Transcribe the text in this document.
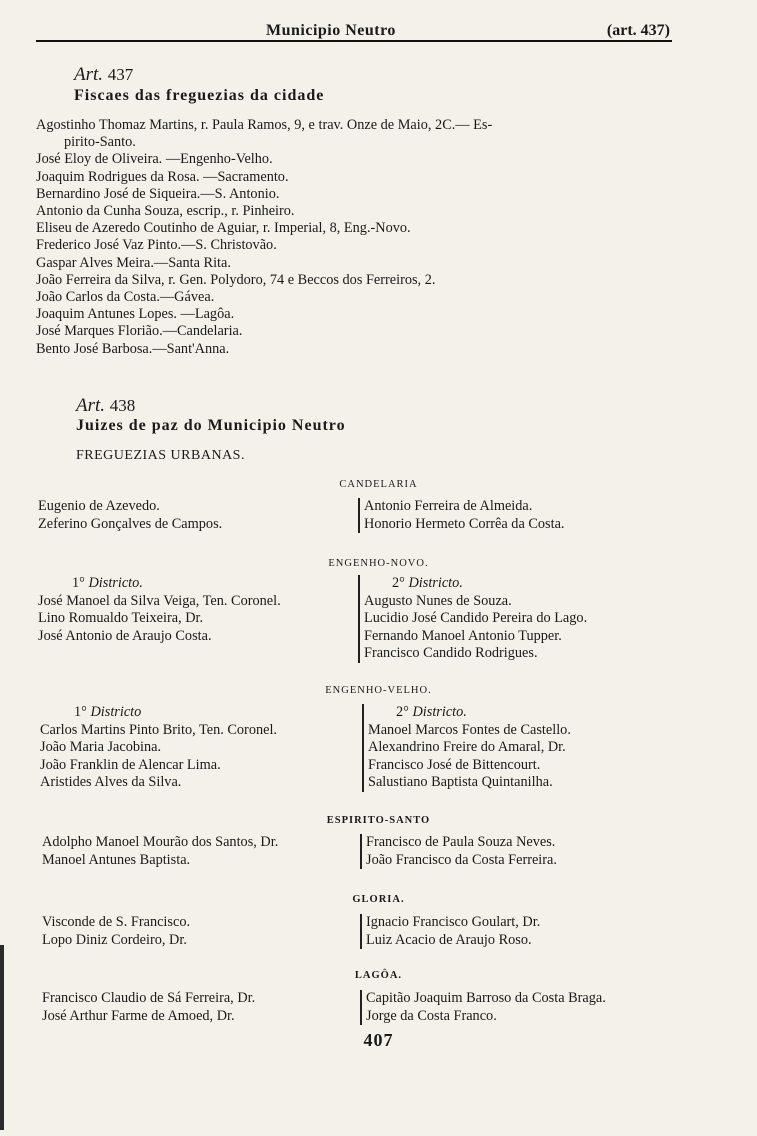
Municipio Neutro	(art. 437)
Art. 437
Fiscaes das freguezias da cidade
Agostinho Thomaz Martins, r. Paula Ramos, 9, e trav. Onze de Maio, 2C.— Es-
pirito-Santo.
José Eloy de Oliveira. —Engenho-Velho.
Joaquim Rodrigues da Rosa. —Sacramento.
Bernardino José de Siqueira.—S. Antonio.
Antonio da Cunha Souza, escrip., r. Pinheiro.
Eliseu de Azeredo Coutinho de Aguiar, r. Imperial, 8, Eng.-Novo.
Frederico José Vaz Pinto.—S. Christovão.
Gaspar Alves Meira.—Santa Rita.
João Ferreira da Silva, r. Gen. Polydoro, 74 e Beccos dos Ferreiros, 2.
João Carlos da Costa.—Gávea.
Joaquim Antunes Lopes. —Lagôa.
José Marques Florião.—Candelaria.
Bento José Barbosa.—Sant'Anna.
Art. 438
Juizes de paz do Municipio Neutro
FREGUEZIAS URBANAS.
CANDELARIA
Eugenio de Azevedo.
Zeferino Gonçalves de Campos.
Antonio Ferreira de Almeida.
Honorio Hermeto Corrêa da Costa.
ENGENHO-NOVO.
1° Districto.
José Manoel da Silva Veiga, Ten. Coronel.
Lino Romualdo Teixeira, Dr.
José Antonio de Araujo Costa.
2° Districto.
Augusto Nunes de Souza.
Lucidio José Candido Pereira do Lago.
Fernando Manoel Antonio Tupper.
Francisco Candido Rodrigues.
ENGENHO-VELHO.
1° Districto
Carlos Martins Pinto Brito, Ten. Coronel.
João Maria Jacobina.
João Franklin de Alencar Lima.
Aristides Alves da Silva.
2° Districto.
Manoel Marcos Fontes de Castello.
Alexandrino Freire do Amaral, Dr.
Francisco José de Bittencourt.
Salustiano Baptista Quintanilha.
ESPIRITO-SANTO
Adolpho Manoel Mourão dos Santos, Dr.
Manoel Antunes Baptista.
Francisco de Paula Souza Neves.
João Francisco da Costa Ferreira.
GLORIA.
Visconde de S. Francisco.
Lopo Diniz Cordeiro, Dr.
Ignacio Francisco Goulart, Dr.
Luiz Acacio de Araujo Roso.
LAGÔA.
Francisco Claudio de Sá Ferreira, Dr.
José Arthur Farme de Amoed, Dr.
Capitão Joaquim Barroso da Costa Braga.
Jorge da Costa Franco.
407
